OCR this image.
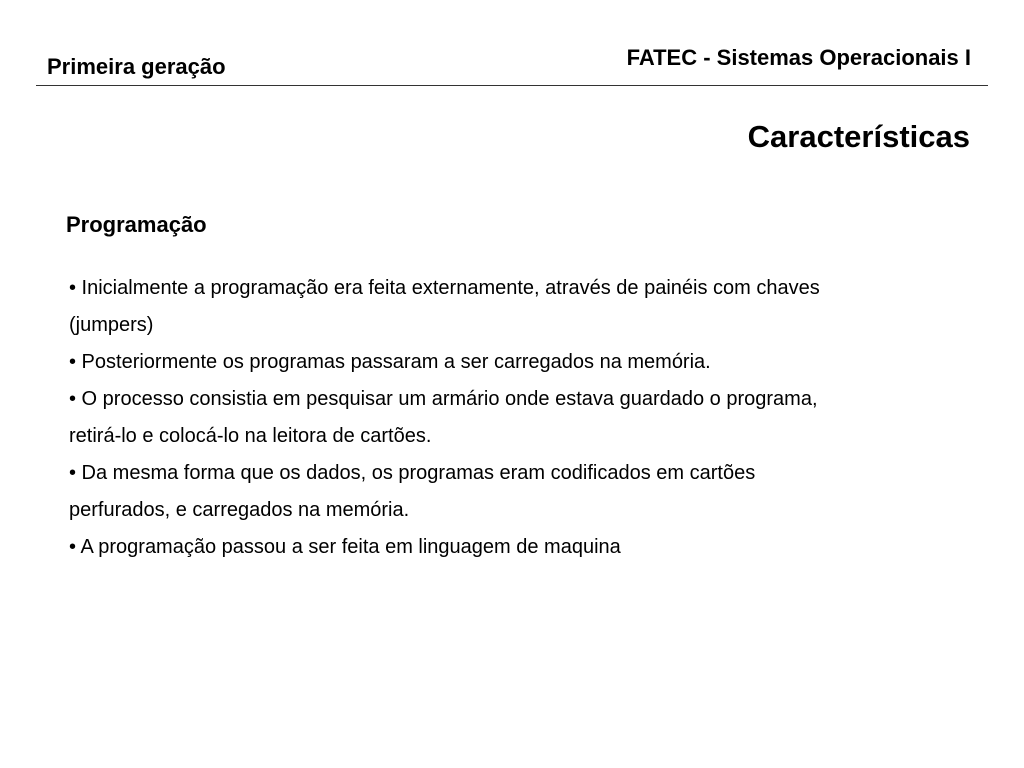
Primeira geração	FATEC - Sistemas Operacionais I
Características
Programação
• Inicialmente a programação era feita externamente, através de painéis com chaves
(jumpers)
• Posteriormente os programas passaram a ser carregados na memória.
• O processo consistia em pesquisar um armário onde estava guardado o programa,
retirá-lo e colocá-lo na leitora de cartões.
• Da mesma forma que os dados, os programas eram codificados em cartões
perfurados, e carregados na memória.
• A programação passou a ser feita em linguagem de maquina
